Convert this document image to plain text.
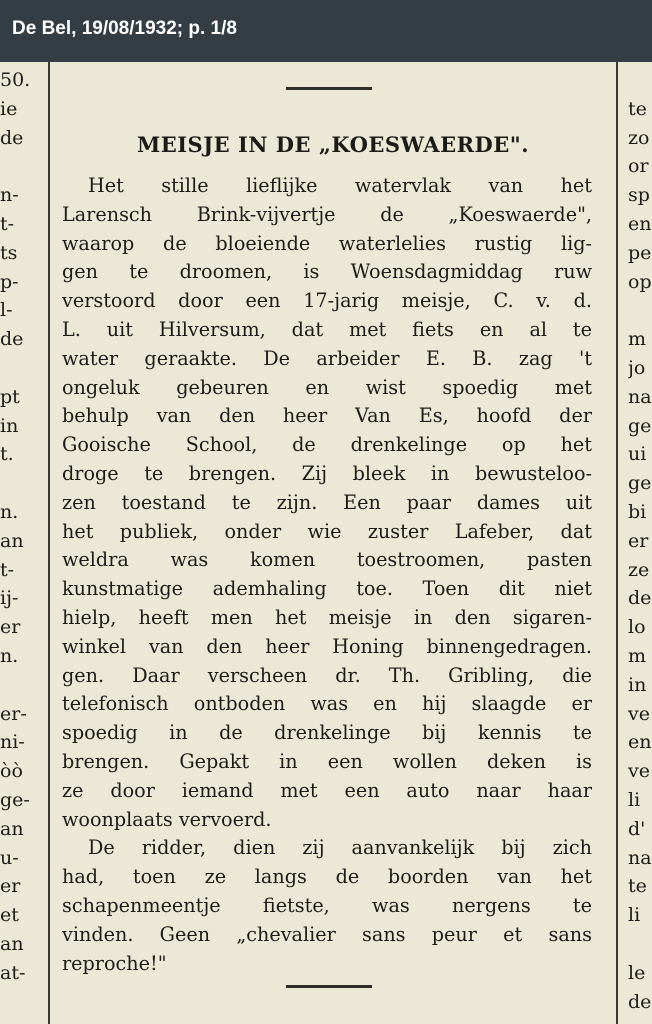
De Bel, 19/08/1932; p. 1/8
50.
ie
de
n-
t-
ts
p-
l-
de
pt
in
t.
n.
an
t-
ij-
er
n.
er-
ni-
òò
ge-
an
u-
er
et
an
at-
te
zo
or
sp
en
pe
op
m
jo
na
ge
ui
ge
bi
er
ze
de
lo
m
in
ve
en
ve
li
d'
na
te
li
le
de
MEISJE IN DE „KOESWAERDE".
Het stille lieflijke watervlak van het
Larensch Brink-vijvertje de „Koeswaerde",
waarop de bloeiende waterlelies rustig lig-
gen te droomen, is Woensdagmiddag ruw
verstoord door een 17-jarig meisje, C. v. d.
L. uit Hilversum, dat met fiets en al te
water geraakte. De arbeider E. B. zag 't
ongeluk gebeuren en wist spoedig met
behulp van den heer Van Es, hoofd der
Gooische School, de drenkelinge op het
droge te brengen. Zij bleek in bewusteloo-
zen toestand te zijn. Een paar dames uit
het publiek, onder wie zuster Lafeber, dat
weldra was komen toestroomen, pasten
kunstmatige ademhaling toe. Toen dit niet
hielp, heeft men het meisje in den sigaren-
winkel van den heer Honing binnengedragen.
gen. Daar verscheen dr. Th. Gribling, die
telefonisch ontboden was en hij slaagde er
spoedig in de drenkelinge bij kennis te
brengen. Gepakt in een wollen deken is
ze door iemand met een auto naar haar
woonplaats vervoerd.
De ridder, dien zij aanvankelijk bij zich
had, toen ze langs de boorden van het
schapenmeentje fietste, was nergens te
vinden. Geen „chevalier sans peur et sans
reproche!"
